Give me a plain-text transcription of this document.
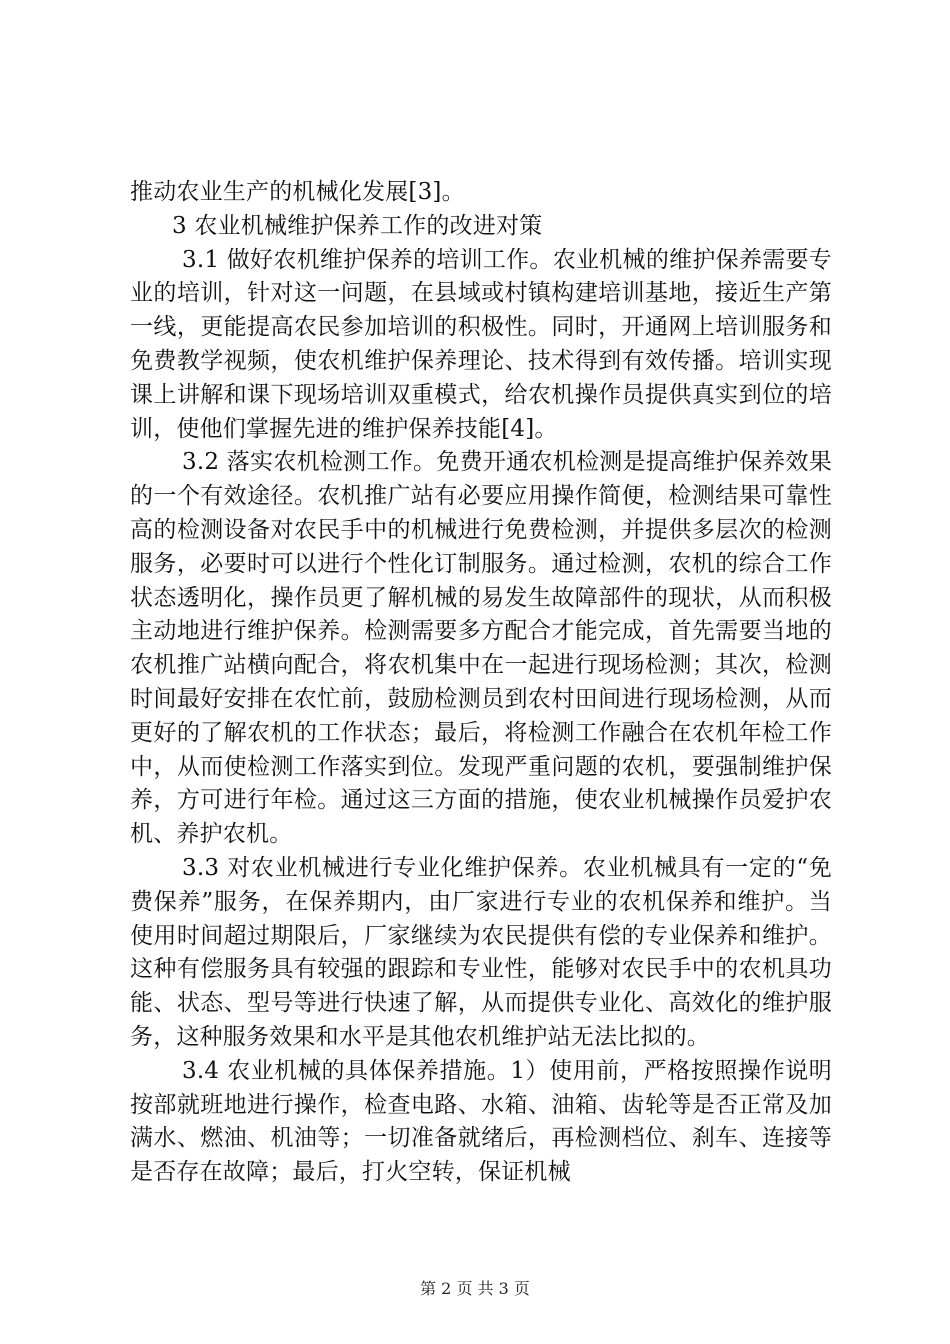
推动农业生产的机械化发展[3]。

3 农业机械维护保养工作的改进对策

3.1 做好农机维护保养的培训工作。农业机械的维护保养需要专业的培训，针对这一问题，在县域或村镇构建培训基地，接近生产第一线，更能提高农民参加培训的积极性。同时，开通网上培训服务和免费教学视频，使农机维护保养理论、技术得到有效传播。培训实现课上讲解和课下现场培训双重模式，给农机操作员提供真实到位的培训，使他们掌握先进的维护保养技能[4]。

3.2 落实农机检测工作。免费开通农机检测是提高维护保养效果的一个有效途径。农机推广站有必要应用操作简便，检测结果可靠性高的检测设备对农民手中的机械进行免费检测，并提供多层次的检测服务，必要时可以进行个性化订制服务。通过检测，农机的综合工作状态透明化，操作员更了解机械的易发生故障部件的现状，从而积极主动地进行维护保养。检测需要多方配合才能完成，首先需要当地的农机推广站横向配合，将农机集中在一起进行现场检测；其次，检测时间最好安排在农忙前，鼓励检测员到农村田间进行现场检测，从而更好的了解农机的工作状态；最后，将检测工作融合在农机年检工作中，从而使检测工作落实到位。发现严重问题的农机，要强制维护保养，方可进行年检。通过这三方面的措施，使农业机械操作员爱护农机、养护农机。

3.3 对农业机械进行专业化维护保养。农业机械具有一定的“免费保养”服务，在保养期内，由厂家进行专业的农机保养和维护。当使用时间超过期限后，厂家继续为农民提供有偿的专业保养和维护。这种有偿服务具有较强的跟踪和专业性，能够对农民手中的农机具功能、状态、型号等进行快速了解，从而提供专业化、高效化的维护服务，这种服务效果和水平是其他农机维护站无法比拟的。

3.4 农业机械的具体保养措施。1）使用前，严格按照操作说明按部就班地进行操作，检查电路、水箱、油箱、齿轮等是否正常及加满水、燃油、机油等；一切准备就绪后，再检测档位、刹车、连接等是否存在故障；最后，打火空转，保证机械

第 2 页 共 3 页
